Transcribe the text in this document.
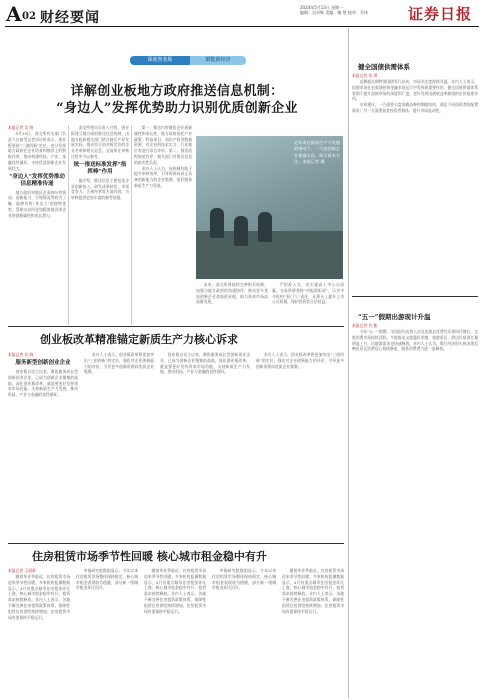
A 02 财经要闻
2024年5月13日 星期一
编辑：吴卓辉 美编：谢 楚 校对：乔伟	证券日报
深度创业版	赋能新经济
详解创业板地方政府推送信息机制：
“身边人”发挥优势助力识别优质创新企业
本报记者 吴 晓

5月10日，深交所有关部门负责人在接受记者采访时表示，创业板坚持“三创四新”定位，充分发挥地方政府在企业培育和推荐上的积极作用，推动构建科技、产业、金融良性循环，支持优质创新企业发展壮大。

“身边人”发挥优势推动信息精准传递

地方政府对辖区企业的经营情况、创新能力、合规情况等较为了解，能够发挥“身边人”的独特优势，帮助交易所更加精准地识别企业的创新属性和成长潜力。

深交所相关负责人介绍，创业板建立地方政府推送信息机制，由地方政府相关部门结合辖区产业发展实际，推送符合创业板定位的企业名单和相关信息，交易所在审核过程中予以参考。

统一推送标准发挥“指挥棒”作用

据介绍，推送信息主要包括企业创新投入、研发成果转化、市场竞争力、合规经营等方面内容，为审核提供更加丰富的参考依据。

第一，推送内容聚焦企业创新属性和成长性。地方政府依托产业政策、科技项目、知识产权等数据资源，对企业的技术实力、行业地位等进行综合评价。第二，推送流程规范有序，相关部门对推送信息的真实性负责。

业内人士认为，该机制有助于提升审核效率，引导资源向真正具备创新能力的企业集聚，更好服务新质生产力发展。

近年来在新质生产力发展的带动下，一大批创新企业崭露头角，吸引资本关注。本报记者 摄

未来，深交所将持续完善相关机制，加强与地方政府的沟通协作，推动更多优质创新企业登陆创业板，助力资本市场高质量发展。

严把准入关，切实提高上市公司质量。交易所将坚持“申报即担责”，压实中介机构“看门人”责任，从源头上提升上市公司质量，保护投资者合法权益。

健全国债供需体系
本报记者 刘 琪

近期超长期特别国债发行启动，市场关注度持续升温。业内人士表示，国债市场在宏观调控和金融市场运行中发挥着重要作用，健全国债供需体系有助于提升国债市场的深度和广度，更好发挥国债收益率曲线的定价基准作用。

专家建议，一方面要丰富国债品种和期限结构，满足不同投资者的配置需求；另一方面要拓宽投资者群体，提升市场流动性。

“五一”假期出游现计升温
本报记者 肖 艳

今年“五一”假期，全国国内出游人次及出游总花费均实现同比增长，文旅消费市场持续活跃。多地推出文旅惠民举措，旅游景区、酒店民宿预订量明显上升，出境游需求也快速释放。业内人士认为，假日经济的火热表现反映出居民消费信心持续修复，服务消费潜力进一步释放。

创业板改革精准锚定新质生产力核心诉求
本报记者 吴 晓
服务新型创新创业企业

创业板自设立以来，聚焦服务成长型创新创业企业，已成为创新企业聚集的高地。深化创业板改革，就是要更好发挥资本市场功能，支持新质生产力发展，推动科技、产业与金融的良性循环。

业内人士表示，创业板改革将更加突出“三创四新”的定位，强化对企业创新能力的评价，引导更多创新资源向优质企业集聚。

创业板自设立以来，聚焦服务成长型创新创业企业，已成为创新企业聚集的高地。深化创业板改革，就是要更好发挥资本市场功能，支持新质生产力发展，推动科技、产业与金融的良性循环。

业内人士表示，创业板改革将更加突出“三创四新”的定位，强化对企业创新能力的评价，引导更多创新资源向优质企业集聚。

住房租赁市场季节性回暖 核心城市租金稳中有升
本报记者 王丽新

随着毕业季临近，住房租赁市场迎来季节性回暖。多家机构监测数据显示，4月份重点城市住房租金环比上涨，核心城市租金稳中有升，租赁需求持续释放。业内人士表示，各地不断完善住房租赁政策体系，保障性租赁住房供给持续增加，住房租赁市场有望保持平稳运行。

中指研究院数据显示，今年以来住房租赁市场整体保持稳定，核心城市租金表现较为稳健，部分新一线城市租金环比回升。

随着毕业季临近，住房租赁市场迎来季节性回暖。多家机构监测数据显示，4月份重点城市住房租金环比上涨，核心城市租金稳中有升，租赁需求持续释放。业内人士表示，各地不断完善住房租赁政策体系，保障性租赁住房供给持续增加，住房租赁市场有望保持平稳运行。

中指研究院数据显示，今年以来住房租赁市场整体保持稳定，核心城市租金表现较为稳健，部分新一线城市租金环比回升。

随着毕业季临近，住房租赁市场迎来季节性回暖。多家机构监测数据显示，4月份重点城市住房租金环比上涨，核心城市租金稳中有升，租赁需求持续释放。业内人士表示，各地不断完善住房租赁政策体系，保障性租赁住房供给持续增加，住房租赁市场有望保持平稳运行。
